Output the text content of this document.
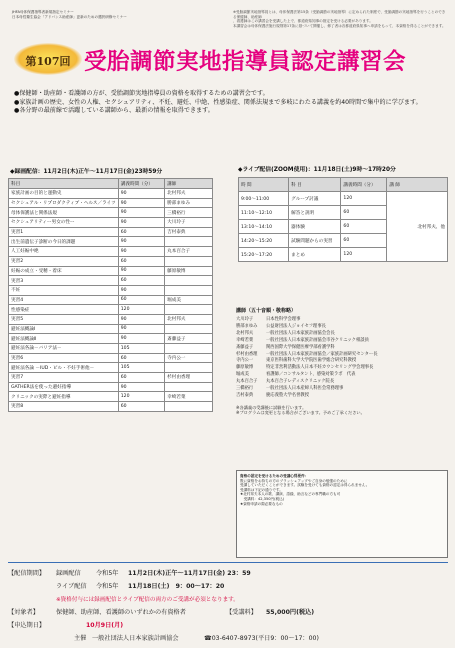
JHFA母体保護指導者新規指定セミナー
日本母性衛生協会「アドバンス助産師」更新のための選択研修セミナー
※受胎調節実地指導員とは、母体保護法第15条（受胎調節の実地指導）に定められた制度で、受胎調節の実地指導を行うことのできる保健師、助産師
、看護師はこの講習会を受講した上で、都道府県知事の指定を受ける必要があります。
本講習会は母体保護法施行規則第17条に基づいて開催し、修了者は各都道府県知事へ申請をもって、本資格を得ることができます。
第107回 受胎調節実地指導員認定講習会
●保健師・助産師・看護師の方が、受胎調節実地指導員の資格を取得するための講習会です。
●家族計画の歴史、女性の人権、セクシュアリティ、不妊、避妊、中絶、性感染症、関係法規まで多岐にわたる講義を約40時間で集中的に学びます。
●各分野の最前線で活躍している講師から、最新の情報を取得できます。
◆録画配信：11月2日(木)正午～11月17日(金)23時59分
科目	講義時間（分）	講師
家族計画の目的と運動史	90	北村邦夫
セクシュアル・リプロダクティブ・ヘルス／ライツ	90	勝部まゆみ
母体保護法と関係法規	90	三橋裕行
セクシュアリティー男女の性ー	90	大川玲子
実習1	60	吉村泰典
出生前遺伝子診断の今日的課題	90	
人工妊娠中絶	90	丸本百合子
実習2	60	
妊娠の成立・受精・着床	90	藤原敏博
実習3	60	
不妊	90	
実習4	60	堀成美
性感染症	120	
実習5	90	北村邦夫
避妊法概論Ⅰ	90	
避妊法概論Ⅱ	90	斎藤益子
避妊法各論－バリア法－	105	
実習6	60	寺内公一
避妊法各論 －IUD・ピル・不妊手術他－	105	
実習7	60	杉村由香理
GATHER法を使った避妊指導	90	
クリニックの実際と避妊指導	120	幸崎若菜
実習8	60	
◆ライブ配信(ZOOM使用)：11月18日(土)9時～17時20分
時 間	科 目	講義時間（分）	講 師
9:00～11:00	グループ討議	120	北村邦夫、他
11:10～12:10	解答と説明	60	
13:10～14:10	器体験	60	
14:20～15:20	試験問題からの実習	60	
15:20～17:20	まとめ	120	
講師（五十音順・敬称略）
大川玲子	日本性科学会理事
勝部まゆみ	公益財団法人ジョイセフ理事長
北村邦夫	一般社団法人日本家族計画協会会長
幸崎若菜	一般社団法人日本家族計画協会市谷クリニック相談員
斎藤益子	関西国際大学保健医療学部看護学科
杉村由香理	一般社団法人日本家族計画協会／家族計画研究センター長
寺内公一	東京医科歯科大学大学院医歯学総合研究科教授
藤原敏博	特定非営利活動法人日本不妊カウンセリング学会理事長
堀成美	看護師／コンサルタント、感染対策ラボ　代表
丸本百合子	丸本百合子レディスクリニック院長
三橋裕行	一般社団法人日本産婦人科医会常務理事
吉村泰典	慶応義塾大学名誉教授
※各講義の受講後に試験を行います。
※プログラムは変更となる場合がございます。予めご了承ください。
資格の認定を受けるための受講心得要件：
既に資格をお持ちの方のブラッシュアップやご自身の勉強のために
受講していただくことができます。試験を受けても資格の認定は得られません。
受講料は下記の通りです。
★北村邦夫本人の歌、講演、語録、助言などの専門職の方も可
　受講料：42,350円(税込)
★資格申請の際必要なもの
【配信期間】	録画配信	令和5年	11月2日(木)正午～11月17日(金) 23：59
ライブ配信	令和5年	11月18日(土)　9：00～17：20
※資格付与には録画配信とライブ配信の両方のご受講が必須となります。
【対象者】	保健師、助産師、看護師のいずれかの有資格者	【受講料】	55,000円(税込)
【申込期日】	10月9日(月)
主催 一般社団法人日本家族計画協会	☎03-6407-8973(平日9：00～17：00)
